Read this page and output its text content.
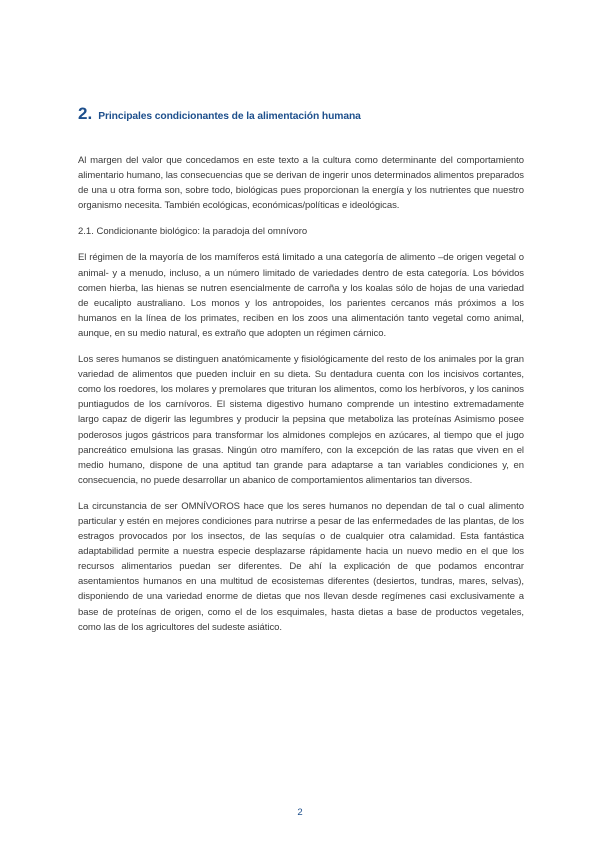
2. Principales condicionantes de la alimentación humana

Al margen del valor que concedamos en este texto a la cultura como determinante del comportamiento alimentario humano, las consecuencias que se derivan de ingerir unos determinados alimentos preparados de una u otra forma son, sobre todo, biológicas pues proporcionan la energía y los nutrientes que nuestro organismo necesita. También ecológicas, económicas/políticas e ideológicas.

2.1. Condicionante biológico: la paradoja del omnívoro

El régimen de la mayoría de los mamíferos está limitado a una categoría de alimento –de origen vegetal o animal- y a menudo, incluso, a un número limitado de variedades dentro de esta categoría. Los bóvidos comen hierba, las hienas se nutren esencialmente de carroña y los koalas sólo de hojas de una variedad de eucalipto australiano. Los monos y los antropoides, los parientes cercanos más próximos a los humanos en la línea de los primates, reciben en los zoos una alimentación tanto vegetal como animal, aunque, en su medio natural, es extraño que adopten un régimen cárnico.

Los seres humanos se distinguen anatómicamente y fisiológicamente del resto de los animales por la gran variedad de alimentos que pueden incluir en su dieta. Su dentadura cuenta con los incisivos cortantes, como los roedores, los molares y premolares que trituran los alimentos, como los herbívoros, y los caninos puntiagudos de los carnívoros. El sistema digestivo humano comprende un intestino extremadamente largo capaz de digerir las legumbres y producir la pepsina que metaboliza las proteínas Asimismo posee poderosos jugos gástricos para transformar los almidones complejos en azúcares, al tiempo que el jugo pancreático emulsiona las grasas. Ningún otro mamífero, con la excepción de las ratas que viven en el medio humano, dispone de una aptitud tan grande para adaptarse a tan variables condiciones y, en consecuencia, no puede desarrollar un abanico de comportamientos alimentarios tan diversos.

La circunstancia de ser OMNÍVOROS hace que los seres humanos no dependan de tal o cual alimento particular y estén en mejores condiciones para nutrirse a pesar de las enfermedades de las plantas, de los estragos provocados por los insectos, de las sequías o de cualquier otra calamidad. Esta fantástica adaptabilidad permite a nuestra especie desplazarse rápidamente hacia un nuevo medio en el que los recursos alimentarios puedan ser diferentes. De ahí la explicación de que podamos encontrar asentamientos humanos en una multitud de ecosistemas diferentes (desiertos, tundras, mares, selvas), disponiendo de una variedad enorme de dietas que nos llevan desde regímenes casi exclusivamente a base de proteínas de origen, como el de los esquimales, hasta dietas a base de productos vegetales, como las de los agricultores del sudeste asiático.

2
